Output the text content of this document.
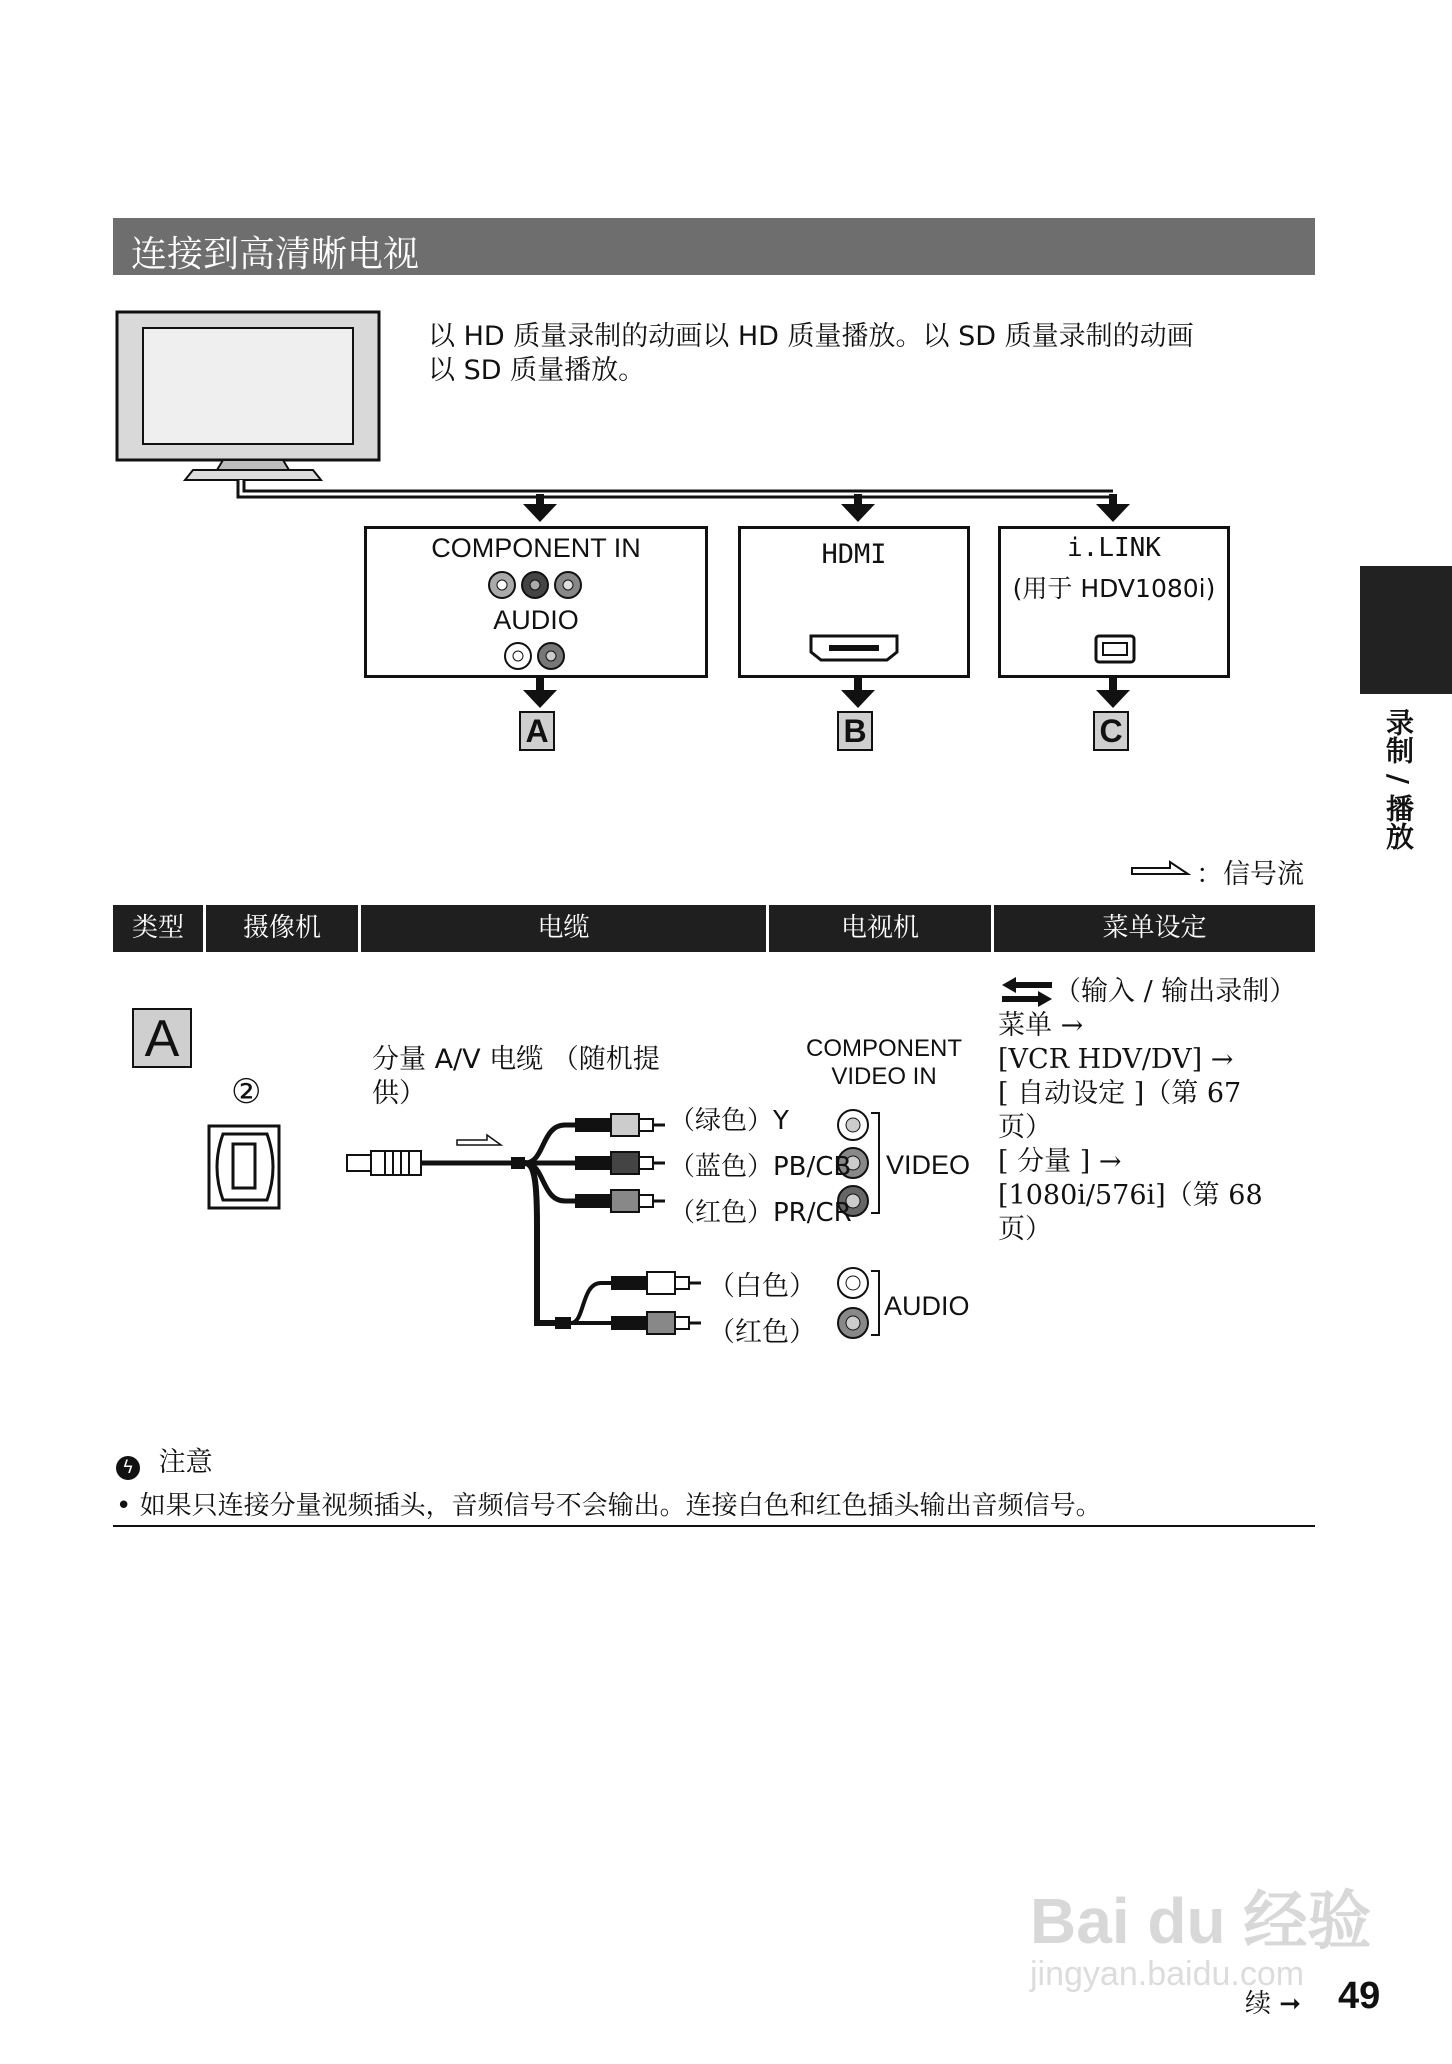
连接到高清晰电视
以 HD 质量录制的动画以 HD 质量播放。以 SD 质量录制的动画
以 SD 质量播放。
COMPONENT IN
AUDIO
HDMI	i.LINK
(用于 HDV1080i)
A	B	C
：信号流
录制 / 播放
类型	摄像机	电缆	电视机	菜单设定
A
②
分量 A/V 电缆 （随机提
供）
（绿色）Y
（蓝色）PB/CB
（红色）PR/CR
（白色）
（红色）
COMPONENT
VIDEO IN
VIDEO
AUDIO
（输入 / 输出录制）
菜单 →
[VCR HDV/DV] →
[ 自动设定 ]（第 67
页）
[ 分量 ] →
[1080i/576i]（第 68
页）
ϟ 注意
• 如果只连接分量视频插头，音频信号不会输出。连接白色和红色插头输出音频信号。
Bai du 经验
jingyan.baidu.com
续 ➞ 49
